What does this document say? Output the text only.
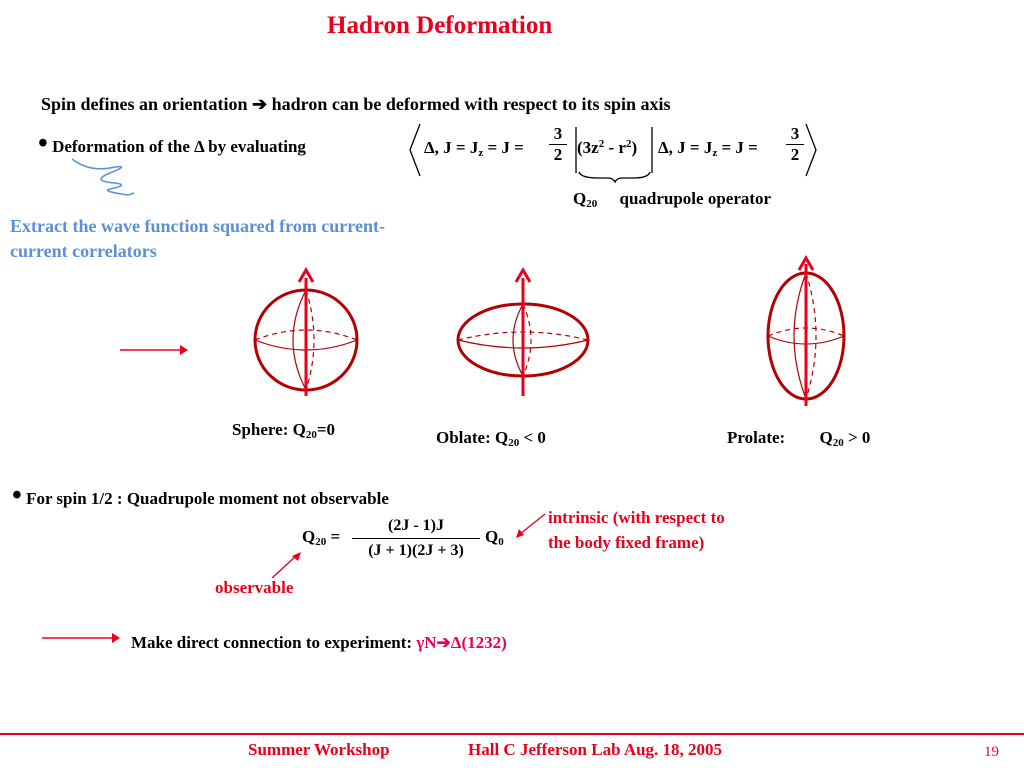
Hadron Deformation
Spin defines an orientation ➔ hadron can be deformed with respect to its spin axis
• Deformation of the Δ by evaluating	Δ, $J = J_z = J = \frac{3}{2} (3z^2 - r^2)$ Δ, $J = J_z = J = \frac{3}{2}$
$Q_{20}$ quadrupole operator
Extract the wave function squared from current-
current correlators
Sphere: $Q_{20}=0$	Oblate: $Q_{20} < 0$	Prolate: $Q_{20} > 0$
• For spin 1/2 : Quadrupole moment not observable
$Q_{20} = \frac{(2J - 1)J}{(J + 1)(2J + 3)} Q_0$
intrinsic (with respect to
the body fixed frame)
observable
Make direct connection to experiment: γN➔Δ(1232)
Summer Workshop	Hall C Jefferson Lab Aug. 18, 2005	19
